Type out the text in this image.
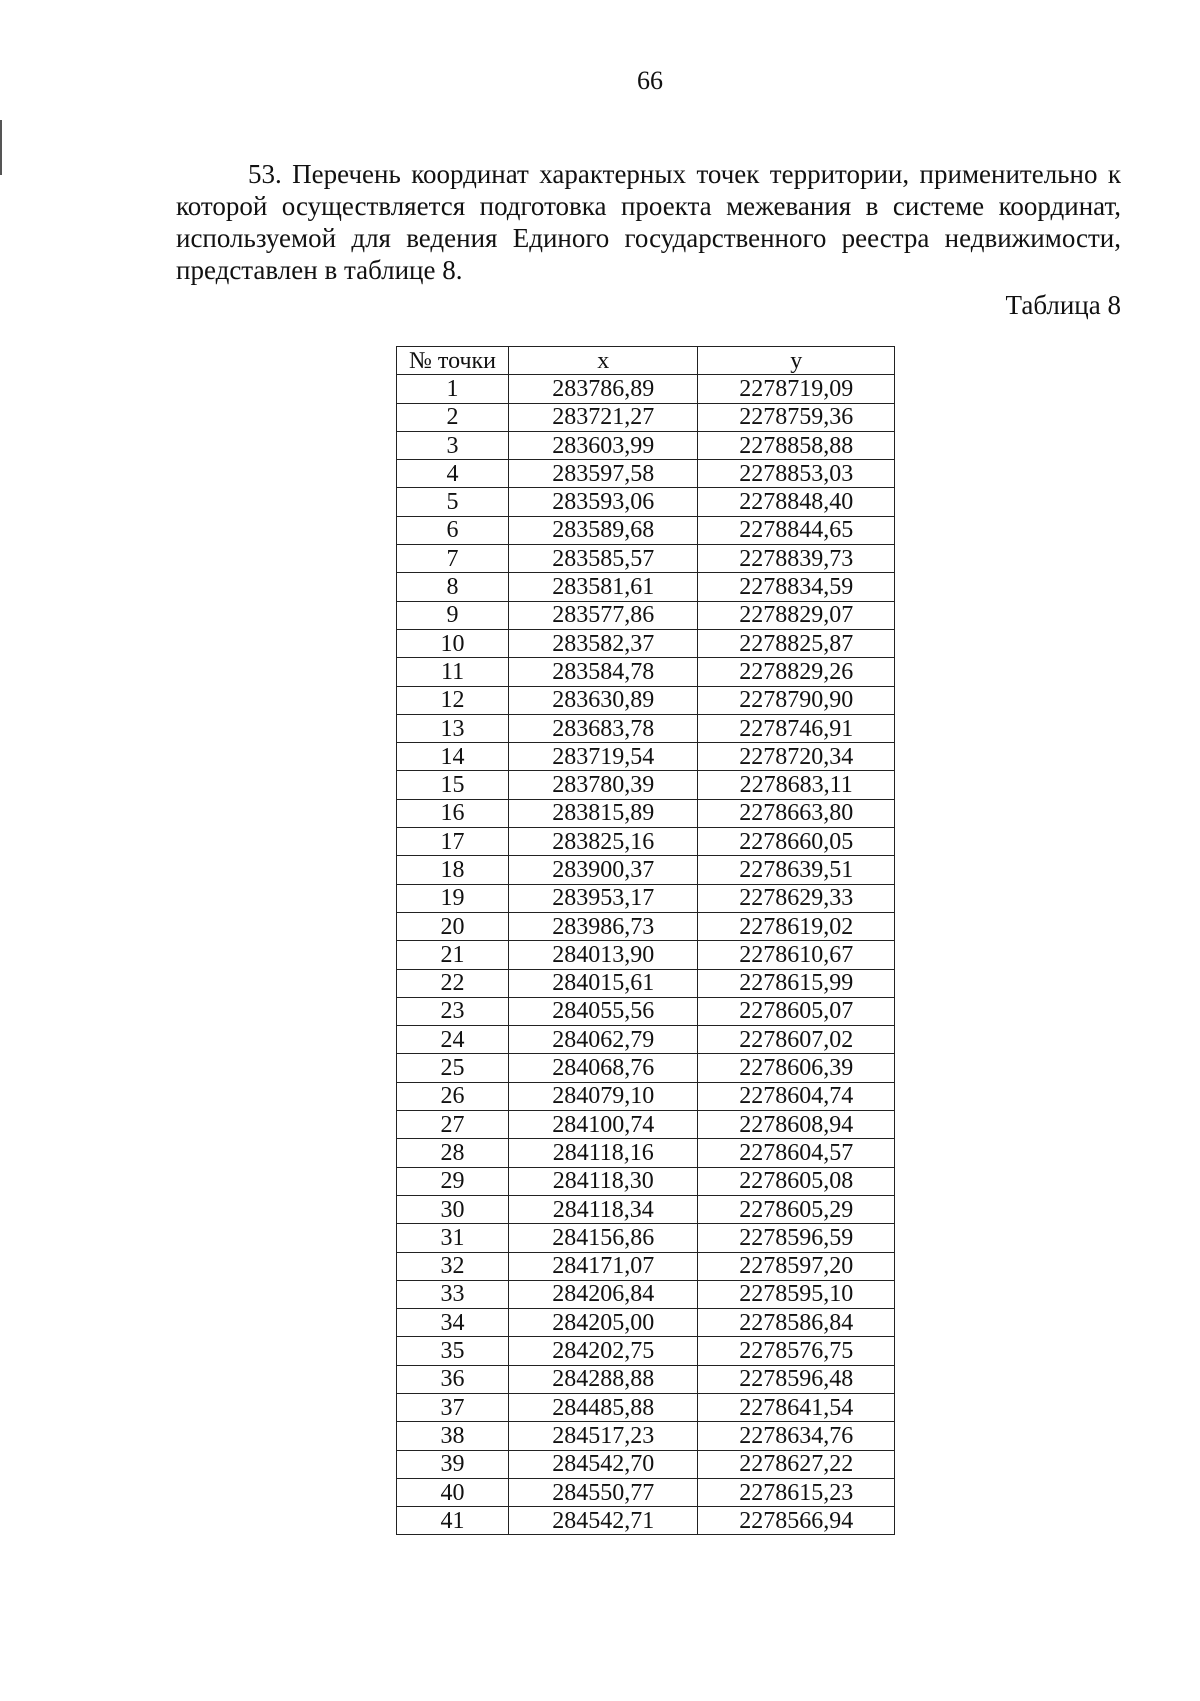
66

53. Перечень координат характерных точек территории, применительно к которой осуществляется подготовка проекта межевания в системе координат, используемой для ведения Единого государственного реестра недвижимости, представлен в таблице 8.

Таблица 8
№ точки	x	y
1	283786,89	2278719,09
2	283721,27	2278759,36
3	283603,99	2278858,88
4	283597,58	2278853,03
5	283593,06	2278848,40
6	283589,68	2278844,65
7	283585,57	2278839,73
8	283581,61	2278834,59
9	283577,86	2278829,07
10	283582,37	2278825,87
11	283584,78	2278829,26
12	283630,89	2278790,90
13	283683,78	2278746,91
14	283719,54	2278720,34
15	283780,39	2278683,11
16	283815,89	2278663,80
17	283825,16	2278660,05
18	283900,37	2278639,51
19	283953,17	2278629,33
20	283986,73	2278619,02
21	284013,90	2278610,67
22	284015,61	2278615,99
23	284055,56	2278605,07
24	284062,79	2278607,02
25	284068,76	2278606,39
26	284079,10	2278604,74
27	284100,74	2278608,94
28	284118,16	2278604,57
29	284118,30	2278605,08
30	284118,34	2278605,29
31	284156,86	2278596,59
32	284171,07	2278597,20
33	284206,84	2278595,10
34	284205,00	2278586,84
35	284202,75	2278576,75
36	284288,88	2278596,48
37	284485,88	2278641,54
38	284517,23	2278634,76
39	284542,70	2278627,22
40	284550,77	2278615,23
41	284542,71	2278566,94
